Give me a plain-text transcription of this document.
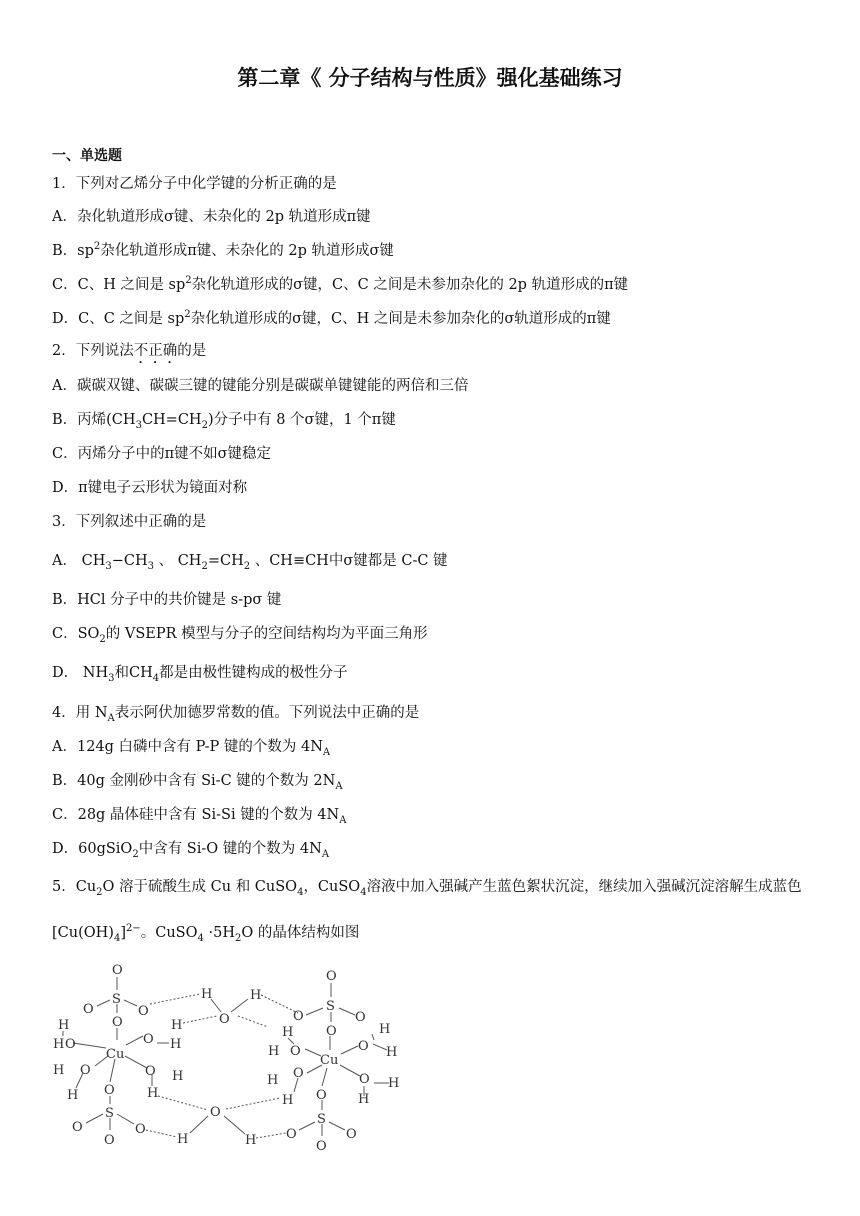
第二章《 分子结构与性质》强化基础练习
一、单选题
1．下列对乙烯分子中化学键的分析正确的是
A．杂化轨道形成σ键、未杂化的 2p 轨道形成π键
B．$sp^2$杂化轨道形成π键、未杂化的 2p 轨道形成σ键
C．C、H 之间是 $sp^2$杂化轨道形成的σ键，C、C 之间是未参加杂化的 2p 轨道形成的π键
D．C、C 之间是 $sp^2$杂化轨道形成的σ键，C、H 之间是未参加杂化的σ轨道形成的π键
2．下列说法不正确的是
A．碳碳双键、碳碳三键的键能分别是碳碳单键键能的两倍和三倍
B．丙烯$(CH_3CH=CH_2)$分子中有 8 个σ键，1 个π键
C．丙烯分子中的π键不如σ键稳定
D．π键电子云形状为镜面对称
3．下列叙述中正确的是
A． $CH_3-CH_3$ 、 $CH_2=CH_2$ 、CH≡CH中σ键都是 C-C 键
B．HCl 分子中的共价键是 s-pσ 键
C．$SO_2$的 VSEPR 模型与分子的空间结构均为平面三角形
D． $NH_3$和$CH_4$都是由极性键构成的极性分子
4．用 $N_A$表示阿伏加德罗常数的值。下列说法中正确的是
A．124g 白磷中含有 P-P 键的个数为 $4N_A$
B．40g 金刚砂中含有 Si-C 键的个数为 $2N_A$
C．28g 晶体硅中含有 Si-Si 键的个数为 $4N_A$
D．60gSiO$_2$中含有 Si-O 键的个数为 $4N_A$
5．$Cu_2O$ 溶于硫酸生成 Cu 和 CuSO$_4$，CuSO$_4$溶液中加入强碱产生蓝色絮状沉淀，继续加入强碱沉淀溶解生成蓝色
$[Cu(OH)_4]^{2-}$。CuSO$_4$ $\cdot 5H_2O$ 的晶体结构如图
O
S
O	O
O
Cu
H
H O
H O
H
O H
H
O H
H
O
S
O	O
O
H
O
H
O
H	H
O
S
O	O
O
Cu
H
H O
H O
H
H
O H
O H
H
O
S
O	O
O
